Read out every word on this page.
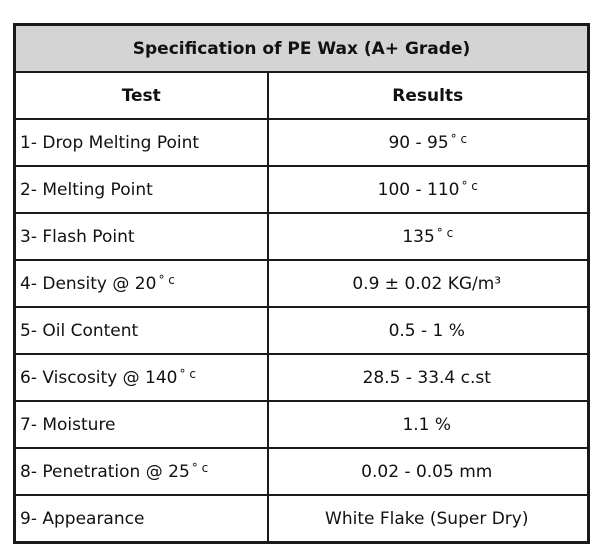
Specification of PE Wax (A+ Grade)	
Test	Results
1- Drop Melting Point	90 - 95 $^{^\circ c}$
2- Melting Point	100 - 110 $^{^\circ c}$
3- Flash Point	135 $^{^\circ c}$
4- Density @ 20 $^{^\circ c}$	0.9 ± 0.02 KG/m³
5- Oil Content	0.5 - 1 %
6- Viscosity @ 140 $^{^\circ c}$	28.5 - 33.4 c.st
7- Moisture	1.1 %
8- Penetration @ 25 $^{^\circ c}$	0.02 - 0.05 mm
9- Appearance	White Flake (Super Dry)
